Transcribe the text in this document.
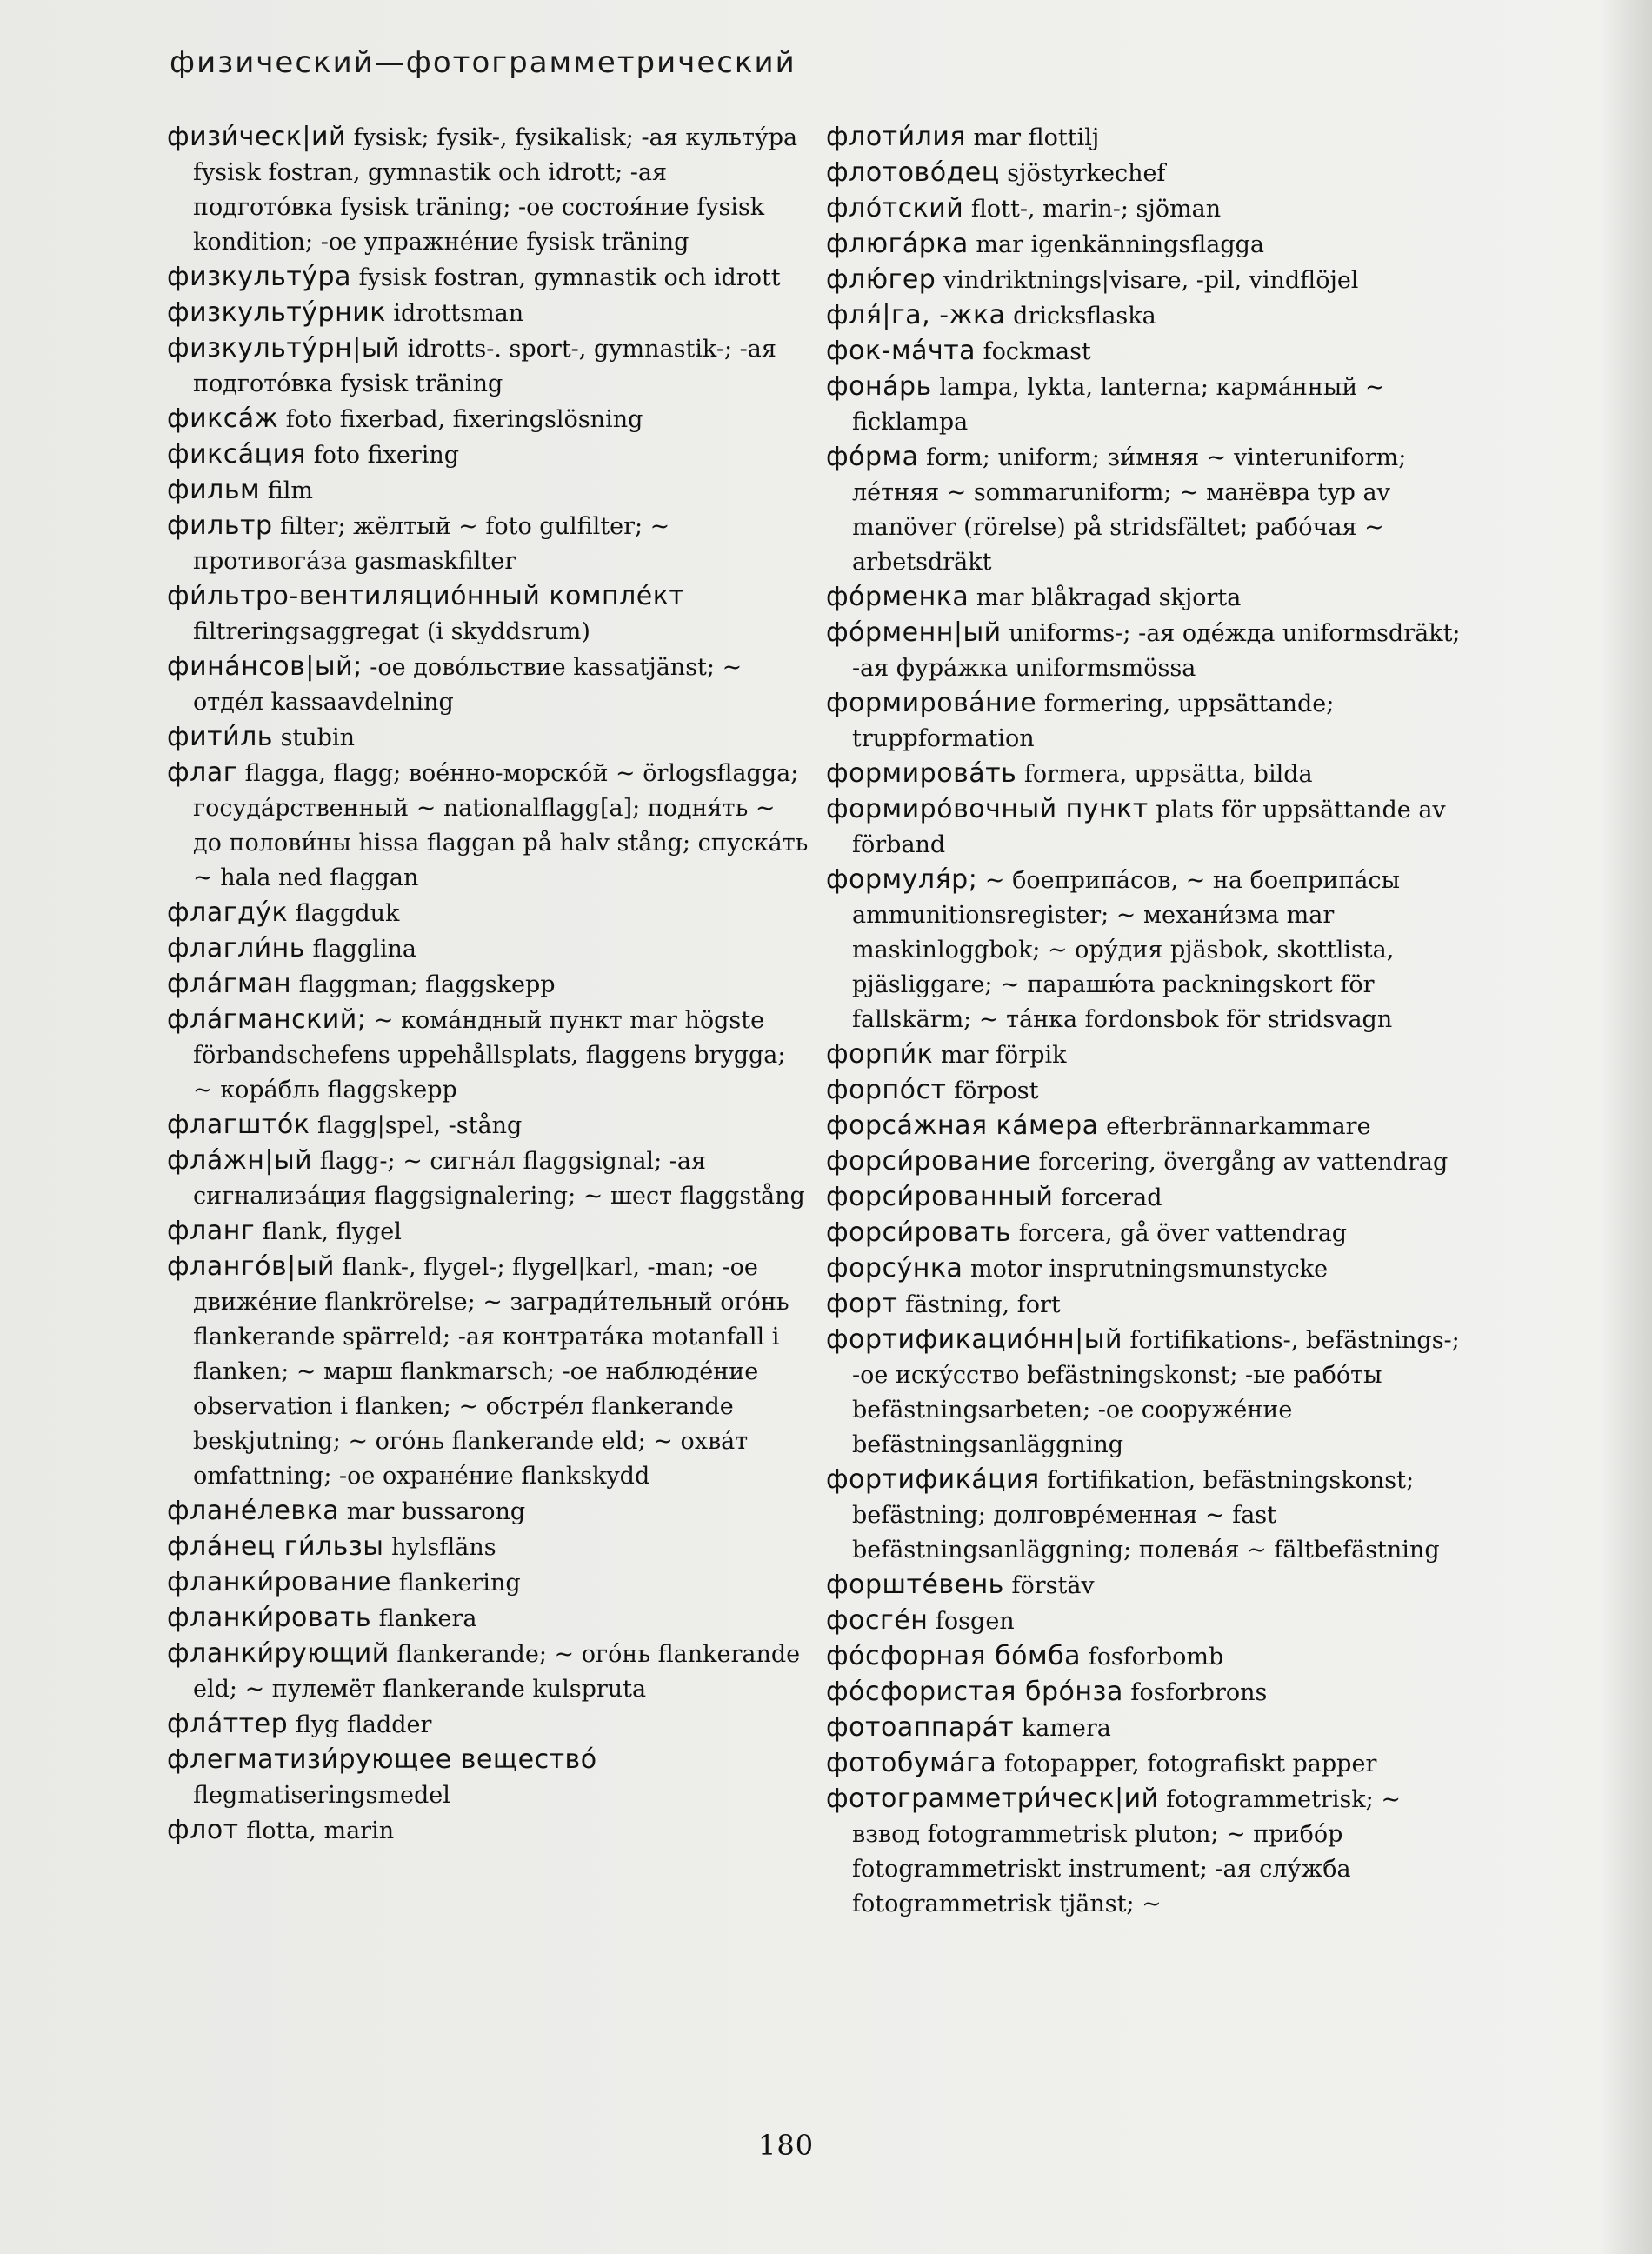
физический—фотограмметрический

физи́ческ|ий fysisk; fysik-, fysikalisk; -ая культу́ра fysisk fostran, gymnastik och idrott; -ая подгото́вка fysisk träning; -ое состоя́ние fysisk kondition; -ое упражне́ние fysisk träning

физкульту́ра fysisk fostran, gymnastik och idrott

физкульту́рник idrottsman

физкульту́рн|ый idrotts-. sport-, gymnastik-; -ая подгото́вка fysisk träning

фикса́ж foto fixerbad, fixeringslösning

фикса́ция foto fixering

фильм film

фильтр filter; жёлтый ~ foto gulfilter; ~ противога́за gasmaskfilter

фи́льтро-вентиляцио́нный компле́кт filtreringsaggregat (i skyddsrum)

фина́нсов|ый; -ое дово́льствие kassatjänst; ~ отде́л kassaavdelning

фити́ль stubin

флаг flagga, flagg; вое́нно-морско́й ~ örlogsflagga; госуда́рственный ~ nationalflagg[a]; подня́ть ~ до полови́ны hissa flaggan på halv stång; спуска́ть ~ hala ned flaggan

флагду́к flaggduk

флагли́нь flagglina

фла́гман flaggman; flaggskepp

фла́гманский; ~ кома́ндный пункт mar högste förbandschefens uppehållsplats, flaggens brygga; ~ кора́бль flaggskepp

флагшто́к flagg|spel, -stång

фла́жн|ый flagg-; ~ сигна́л flaggsignal; -ая сигнализа́ция flaggsignalering; ~ шест flaggstång

фланг flank, flygel

фланго́в|ый flank-, flygel-; flygel|karl, -man; -ое движе́ние flankrörelse; ~ загради́тельный ого́нь flankerande spärreld; -ая контрата́ка motanfall i flanken; ~ марш flankmarsch; -ое наблюде́ние observation i flanken; ~ обстре́л flankerande beskjutning; ~ ого́нь flankerande eld; ~ охва́т omfattning; -ое охране́ние flankskydd

флане́левка mar bussarong

фла́нец ги́льзы hylsfläns

фланки́рование flankering

фланки́ровать flankera

фланки́рующий flankerande; ~ ого́нь flankerande eld; ~ пулемёт flankerande kulspruta

фла́ттер flyg fladder

флегматизи́рующее веществó flegmatiseringsmedel

флот flotta, marin

флоти́лия mar flottilj

флотово́дец sjöstyrkechef

фло́тский flott-, marin-; sjöman

флюга́рка mar igenkänningsflagga

флю́гер vindriktnings|visare, -pil, vindflöjel

фля́|га, -жка dricksflaska

фок-ма́чта fockmast

фона́рь lampa, lykta, lanterna; карма́нный ~ ficklampa

фо́рма form; uniform; зи́мняя ~ vinteruniform; ле́тняя ~ sommaruniform; ~ манёвра typ av manöver (rörelse) på stridsfältet; рабо́чая ~ arbetsdräkt

фо́рменка mar blåkragad skjorta

фо́рменн|ый uniforms-; -ая оде́жда uniformsdräkt; -ая фура́жка uniformsmössa

формирова́ние formering, uppsättande; truppformation

формирова́ть formera, uppsätta, bilda

формиро́вочный пункт plats för uppsättande av förband

формуля́р; ~ боеприпа́сов, ~ на боеприпа́сы ammunitionsregister; ~ механи́зма mar maskinloggbok; ~ ору́дия pjäsbok, skottlista, pjäsliggare; ~ парашю́та packningskort för fallskärm; ~ та́нка fordonsbok för stridsvagn

форпи́к mar förpik

форпо́ст förpost

форса́жная ка́мера efterbrännarkammare

форси́рование forcering, övergång av vattendrag

форси́рованный forcerad

форси́ровать forcera, gå över vattendrag

форсу́нка motor insprutningsmunstycke

форт fästning, fort

фортификацио́нн|ый fortifikations-, befästnings-; -ое иску́сство befästningskonst; -ые рабо́ты befästningsarbeten; -ое сооруже́ние befästningsanläggning

фортифика́ция fortifikation, befästningskonst; befästning; долговре́менная ~ fast befästningsanläggning; полева́я ~ fältbefästning

форште́вень förstäv

фосге́н fosgen

фо́сфорная бо́мба fosforbomb

фо́сфористая бро́нза fosforbrons

фотоаппара́т kamera

фотобума́га fotopapper, fotografiskt papper

фотограмметри́ческ|ий fotogrammetrisk; ~ взвод fotogrammetrisk pluton; ~ прибо́р fotogrammetriskt instrument; -ая слу́жба fotogrammetrisk tjänst; ~

180
